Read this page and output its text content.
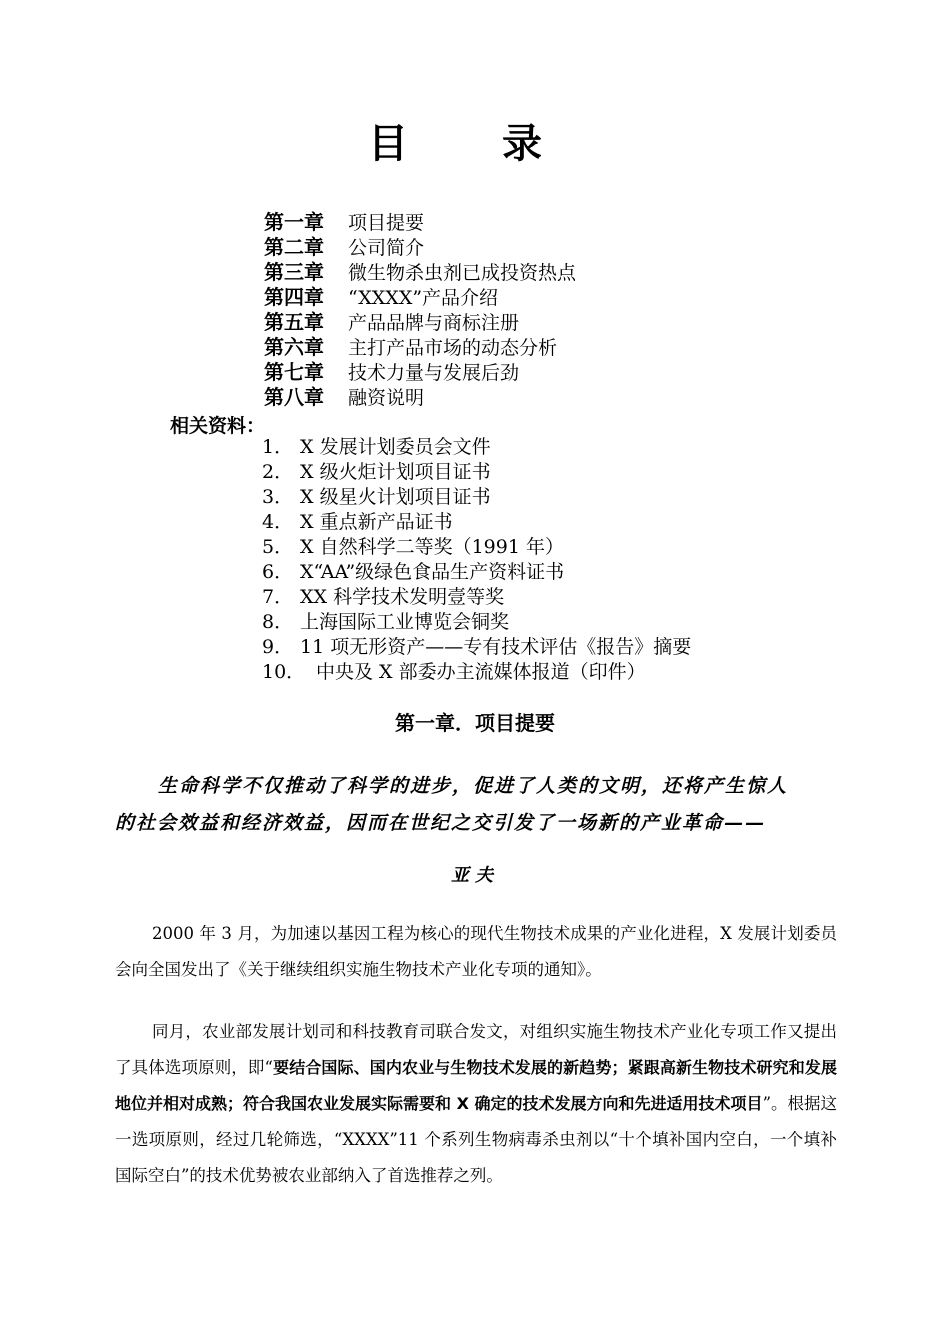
目 录
第一章 项目提要
第二章 公司简介
第三章 微生物杀虫剂已成投资热点
第四章 “XXXX”产品介绍
第五章 产品品牌与商标注册
第六章 主打产品市场的动态分析
第七章 技术力量与发展后劲
第八章 融资说明
相关资料：
1． X 发展计划委员会文件
2． X 级火炬计划项目证书
3． X 级星火计划项目证书
4． X 重点新产品证书
5． X 自然科学二等奖（1991 年）
6． X“AA”级绿色食品生产资料证书
7． XX 科学技术发明壹等奖
8． 上海国际工业博览会铜奖
9． 11 项无形资产——专有技术评估《报告》摘要
10． 中央及 X 部委办主流媒体报道（印件）
第一章．项目提要
生命科学不仅推动了科学的进步，促进了人类的文明，还将产生惊人
的社会效益和经济效益，因而在世纪之交引发了一场新的产业革命——
亚夫
2000 年 3 月，为加速以基因工程为核心的现代生物技术成果的产业化进程，X 发展计划委员会向全国发出了《关于继续组织实施生物技术产业化专项的通知》。
同月，农业部发展计划司和科技教育司联合发文，对组织实施生物技术产业化专项工作又提出了具体选项原则，即“要结合国际、国内农业与生物技术发展的新趋势；紧跟高新生物技术研究和发展地位并相对成熟；符合我国农业发展实际需要和 X 确定的技术发展方向和先进适用技术项目”。根据这一选项原则，经过几轮筛选，“XXXX”11 个系列生物病毒杀虫剂以“十个填补国内空白，一个填补国际空白”的技术优势被农业部纳入了首选推荐之列。
